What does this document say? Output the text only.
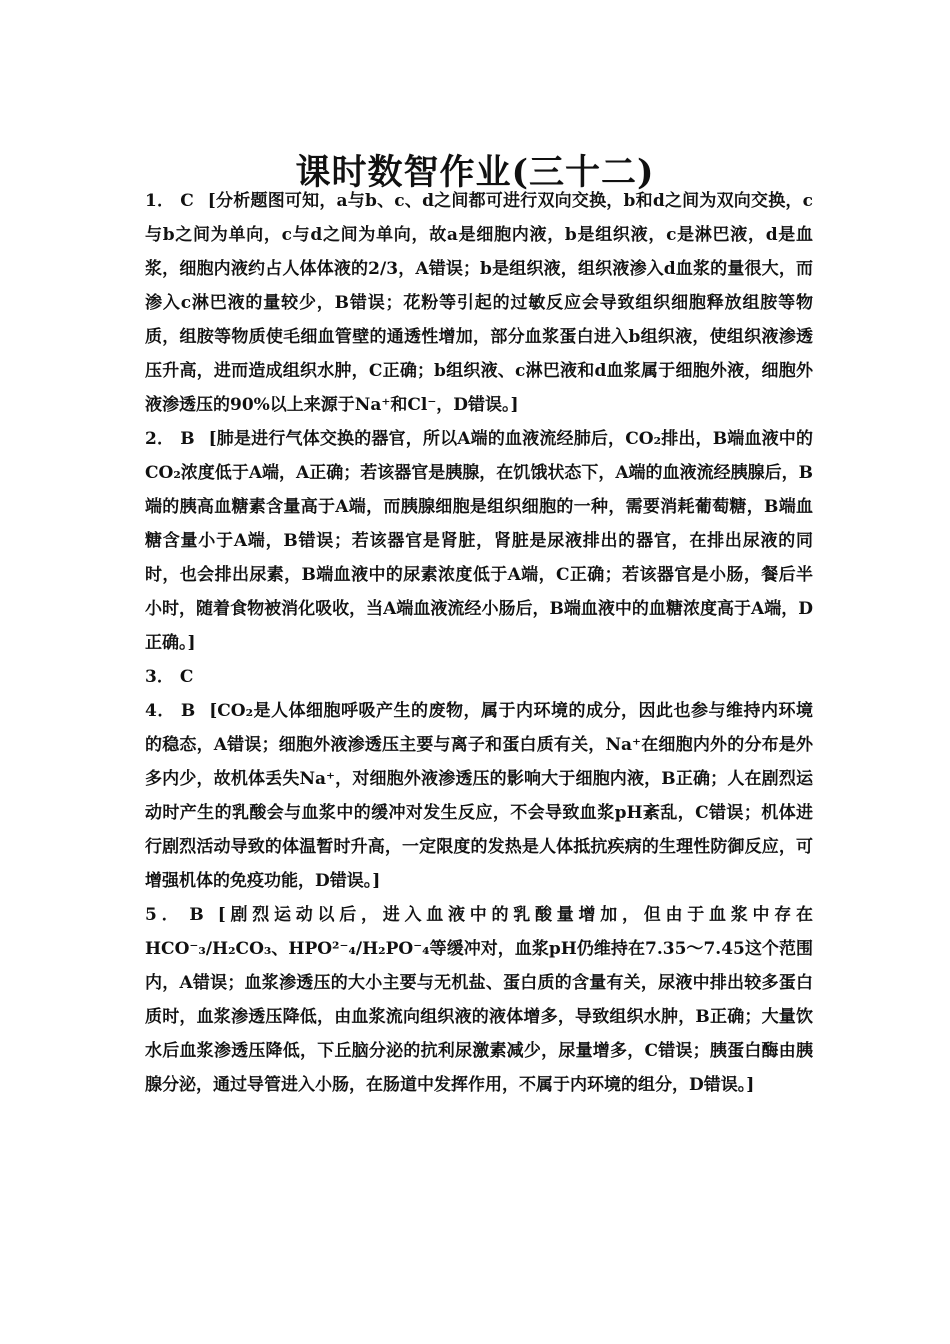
课时数智作业(三十二)

1． C [分析题图可知，a与b、c、d之间都可进行双向交换，b和d之间为双向交换，c与b之间为单向，c与d之间为单向，故a是细胞内液，b是组织液，c是淋巴液，d是血浆，细胞内液约占人体体液的2/3，A错误；b是组织液，组织液渗入d血浆的量很大，而渗入c淋巴液的量较少，B错误；花粉等引起的过敏反应会导致组织细胞释放组胺等物质，组胺等物质使毛细血管壁的通透性增加，部分血浆蛋白进入b组织液，使组织液渗透压升高，进而造成组织水肿，C正确；b组织液、c淋巴液和d血浆属于细胞外液，细胞外液渗透压的90%以上来源于Na⁺和Cl⁻，D错误。]

2． B [肺是进行气体交换的器官，所以A端的血液流经肺后，CO₂排出，B端血液中的CO₂浓度低于A端，A正确；若该器官是胰腺，在饥饿状态下，A端的血液流经胰腺后，B端的胰高血糖素含量高于A端，而胰腺细胞是组织细胞的一种，需要消耗葡萄糖，B端血糖含量小于A端，B错误；若该器官是肾脏，肾脏是尿液排出的器官，在排出尿液的同时，也会排出尿素，B端血液中的尿素浓度低于A端，C正确；若该器官是小肠，餐后半小时，随着食物被消化吸收，当A端血液流经小肠后，B端血液中的血糖浓度高于A端，D正确。]

3． C

4． B [CO₂是人体细胞呼吸产生的废物，属于内环境的成分，因此也参与维持内环境的稳态，A错误；细胞外液渗透压主要与离子和蛋白质有关，Na⁺在细胞内外的分布是外多内少，故机体丢失Na⁺，对细胞外液渗透压的影响大于细胞内液，B正确；人在剧烈运动时产生的乳酸会与血浆中的缓冲对发生反应，不会导致血浆pH紊乱，C错误；机体进行剧烈活动导致的体温暂时升高，一定限度的发热是人体抵抗疾病的生理性防御反应，可增强机体的免疫功能，D错误。]

5． B [剧烈运动以后，进入血液中的乳酸量增加，但由于血浆中存在HCO⁻₃/H₂CO₃、HPO²⁻₄/H₂PO⁻₄等缓冲对，血浆pH仍维持在7.35～7.45这个范围内，A错误；血浆渗透压的大小主要与无机盐、蛋白质的含量有关，尿液中排出较多蛋白质时，血浆渗透压降低，由血浆流向组织液的液体增多，导致组织水肿，B正确；大量饮水后血浆渗透压降低，下丘脑分泌的抗利尿激素减少，尿量增多，C错误；胰蛋白酶由胰腺分泌，通过导管进入小肠，在肠道中发挥作用，不属于内环境的组分，D错误。]
